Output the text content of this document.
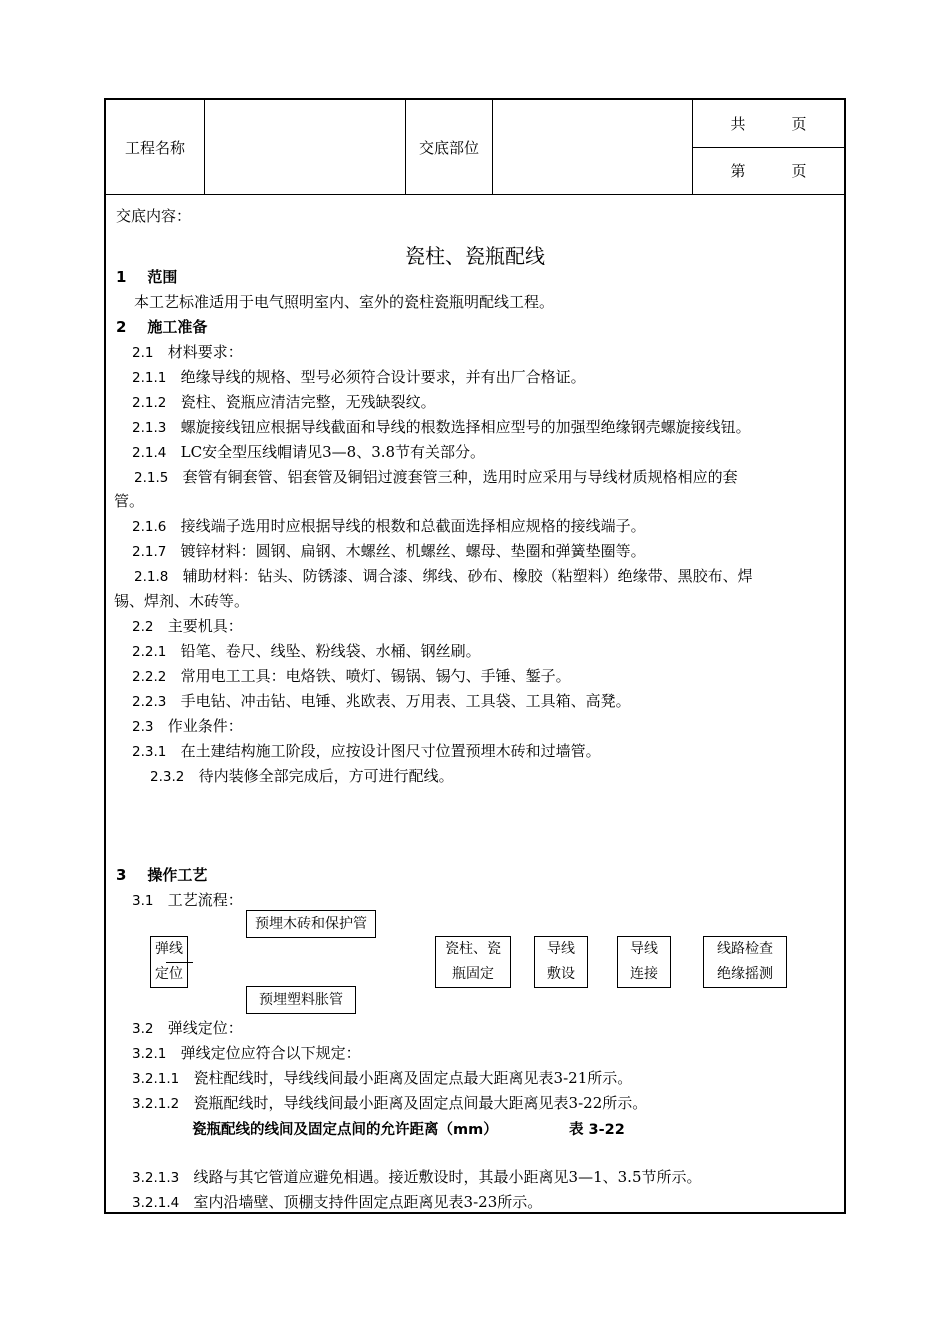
工程名称	交底部位
共	页
第	页
交底内容：
瓷柱、瓷瓶配线
1 范围
本工艺标准适用于电气照明室内、室外的瓷柱瓷瓶明配线工程。
2 施工准备
2.1 材料要求：
2.1.1 绝缘导线的规格、型号必须符合设计要求，并有出厂合格证。
2.1.2 瓷柱、瓷瓶应清洁完整，无残缺裂纹。
2.1.3 螺旋接线钮应根据导线截面和导线的根数选择相应型号的加强型绝缘钢壳螺旋接线钮。
2.1.4 LC安全型压线帽请见3—8、3.8节有关部分。
2.1.5 套管有铜套管、铝套管及铜铝过渡套管三种，选用时应采用与导线材质规格相应的套
管。
2.1.6 接线端子选用时应根据导线的根数和总截面选择相应规格的接线端子。
2.1.7 镀锌材料：圆钢、扁钢、木螺丝、机螺丝、螺母、垫圈和弹簧垫圈等。
2.1.8 辅助材料：钻头、防锈漆、调合漆、绑线、砂布、橡胶（粘塑料）绝缘带、黑胶布、焊
锡、焊剂、木砖等。
2.2 主要机具：
2.2.1 铅笔、卷尺、线坠、粉线袋、水桶、钢丝刷。
2.2.2 常用电工工具：电烙铁、喷灯、锡锅、锡勺、手锤、錾子。
2.2.3 手电钻、冲击钻、电锤、兆欧表、万用表、工具袋、工具箱、高凳。
2.3 作业条件：
2.3.1 在土建结构施工阶段，应按设计图尺寸位置预埋木砖和过墙管。
2.3.2 待内装修全部完成后，方可进行配线。
3 操作工艺
3.1 工艺流程：
预埋木砖和保护管
弹线
定位
瓷柱、瓷
瓶固定
导线
敷设
导线
连接
线路检查
绝缘摇测
预埋塑料胀管
3.2 弹线定位：
3.2.1 弹线定位应符合以下规定：
3.2.1.1 瓷柱配线时，导线线间最小距离及固定点最大距离见表3-21所示。
3.2.1.2 瓷瓶配线时，导线线间最小距离及固定点间最大距离见表3-22所示。
瓷瓶配线的线间及固定点间的允许距离（mm）	表 3-22
3.2.1.3 线路与其它管道应避免相遇。接近敷设时，其最小距离见3—1、3.5节所示。
3.2.1.4 室内沿墙壁、顶棚支持件固定点距离见表3-23所示。
